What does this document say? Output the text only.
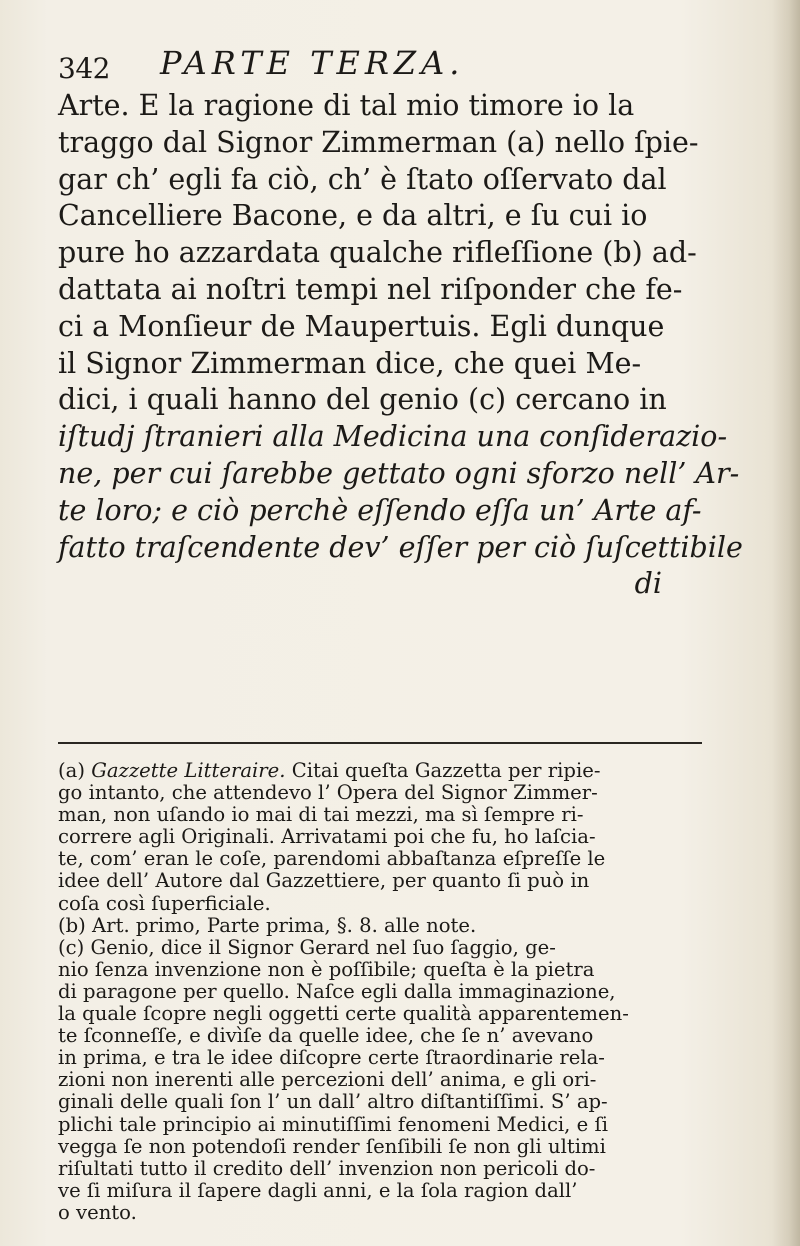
342 PARTE TERZA.
Arte. E la ragione di tal mio timore io la
traggo dal Signor Zimmerman (a) nello ſpie-
gar ch’ egli fa ciò, ch’ è ſtato oſſervato dal
Cancelliere Bacone, e da altri, e ſu cui io
pure ho azzardata qualche rifleſſione (b) ad-
dattata ai noſtri tempi nel riſponder che fe-
ci a Monſieur de Maupertuis. Egli dunque
il Signor Zimmerman dice, che quei Me-
dici, i quali hanno del genio (c) cercano in
iſtudj ſtranieri alla Medicina una conſiderazio-
ne, per cui ſarebbe gettato ogni sforzo nell’ Ar-
te loro; e ciò perchè eſſendo eſſa un’ Arte af-
fatto traſcendente dev’ eſſer per ciò ſuſcettibile
di
(a) Gazzette Litteraire. Citai queſta Gazzetta per ripie-
go intanto, che attendevo l’ Opera del Signor Zimmer-
man, non uſando io mai di tai mezzi, ma sì ſempre ri-
correre agli Originali. Arrivatami poi che fu, ho laſcia-
te, com’ eran le coſe, parendomi abbaſtanza eſpreſſe le
idee dell’ Autore dal Gazzettiere, per quanto ſi può in
coſa così ſuperficiale.
(b) Art. primo, Parte prima, §. 8. alle note.
(c) Genio, dice il Signor Gerard nel ſuo ſaggio, ge-
nio ſenza invenzione non è poſſibile; queſta è la pietra
di paragone per quello. Naſce egli dalla immaginazione,
la quale ſcopre negli oggetti certe qualità apparentemen-
te ſconneſſe, e divìſe da quelle idee, che ſe n’ avevano
in prima, e tra le idee diſcopre certe ſtraordinarie rela-
zioni non inerenti alle percezioni dell’ anima, e gli ori-
ginali delle quali ſon l’ un dall’ altro diſtantiſſimi. S’ ap-
plichi tale principio ai minutiſſimi fenomeni Medici, e ſi
vegga ſe non potendoſi render ſenſibili ſe non gli ultimi
riſultati tutto il credito dell’ invenzion non pericoli do-
ve ſi miſura il ſapere dagli anni, e la ſola ragion dall’
o vento.
